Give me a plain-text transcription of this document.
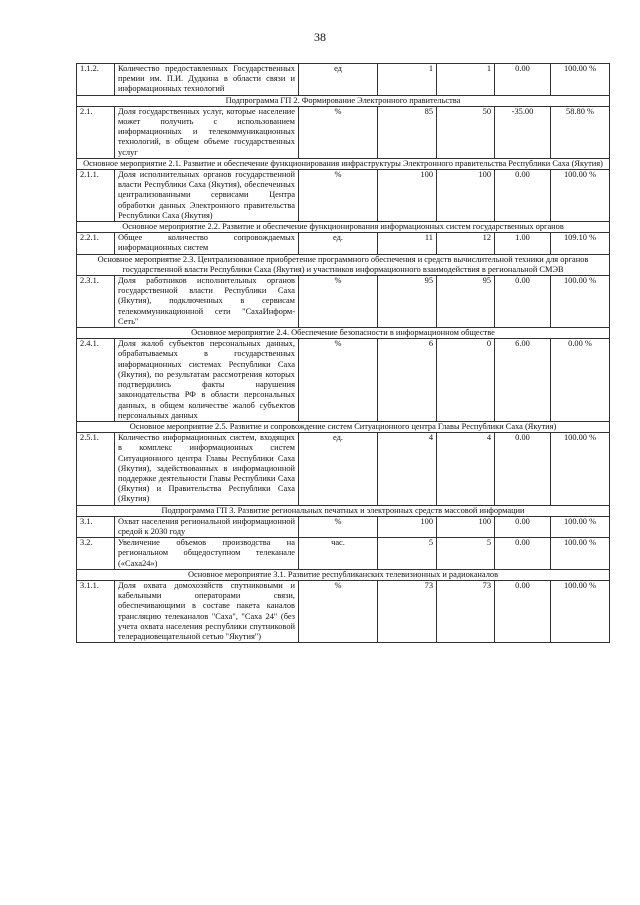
38
1.1.2.	Количество предоставленных Государственных премии им. П.И. Дудкина в области связи и информационных технологий	ед	1	1	0.00	100.00 %
Подпрограмма ГП 2. Формирование Электронного правительства						
2.1.	Доля государственных услуг, которые население может получить с использованием информационных и телекоммуникационных технологий, в общем объеме государственных услуг	%	85	50	-35.00	58.80 %
Основное мероприятие 2.1. Развитие и обеспечение функционирования инфраструктуры Электронного правительства Республики Саха (Якутия)						
2.1.1.	Доля исполнительных органов государственной власти Республики Саха (Якутия), обеспеченных централизованными сервисами Центра обработки данных Электронного правительства Республики Саха (Якутия)	%	100	100	0.00	100.00 %
Основное мероприятие 2.2. Развитие и обеспечение функционирования информационных систем государственных органов						
2.2.1.	Общее количество сопровождаемых информационных систем	ед.	11	12	1.00	109.10 %
Основное мероприятие 2.3. Централизованное приобретение программного обеспечения и средств вычислительной техники для органов государственной власти Республики Саха (Якутия) и участников информационного взаимодействия в региональной СМЭВ						
2.3.1.	Доля работников исполнительных органов государственной власти Республики Саха (Якутия), подключенных в сервисам телекоммуникационной сети "СахаИнформ-Сеть"	%	95	95	0.00	100.00 %
Основное мероприятие 2.4. Обеспечение безопасности в информационном обществе						
2.4.1.	Доля жалоб субъектов персональных данных, обрабатываемых в государственных информационных системах Республики Саха (Якутия), по результатам рассмотрения которых подтвердились факты нарушения законодательства РФ в области персональных данных, в общем количестве жалоб субъектов персональных данных	%	6	0	6.00	0.00 %
Основное мероприятие 2.5. Развитие и сопровождение систем Ситуационного центра Главы Республики Саха (Якутия)						
2.5.1.	Количество информационных систем, входящих в комплекс информационных систем Ситуационного центра Главы Республики Саха (Якутия), задействованных в информационной поддержке деятельности Главы Республики Саха (Якутия) и Правительства Республики Саха (Якутия)	ед.	4	4	0.00	100.00 %
Подпрограмма ГП 3. Развитие региональных печатных и электронных средств массовой информации						
3.1.	Охват населения региональной информационной средой к 2030 году	%	100	100	0.00	100.00 %
3.2.	Увеличение объемов производства на региональном общедоступном телеканале («Саха24»)	час.	5	5	0.00	100.00 %
Основное мероприятие 3.1. Развитие республиканских телевизионных и радиоканалов						
3.1.1.	Доля охвата домохозяйств спутниковыми и кабельными операторами связи, обеспечивающими в составе пакета каналов трансляцию телеканалов "Саха", "Саха 24" (без учета охвата населения республики спутниковой телерадиовещательной сетью "Якутия")	%	73	73	0.00	100.00 %
